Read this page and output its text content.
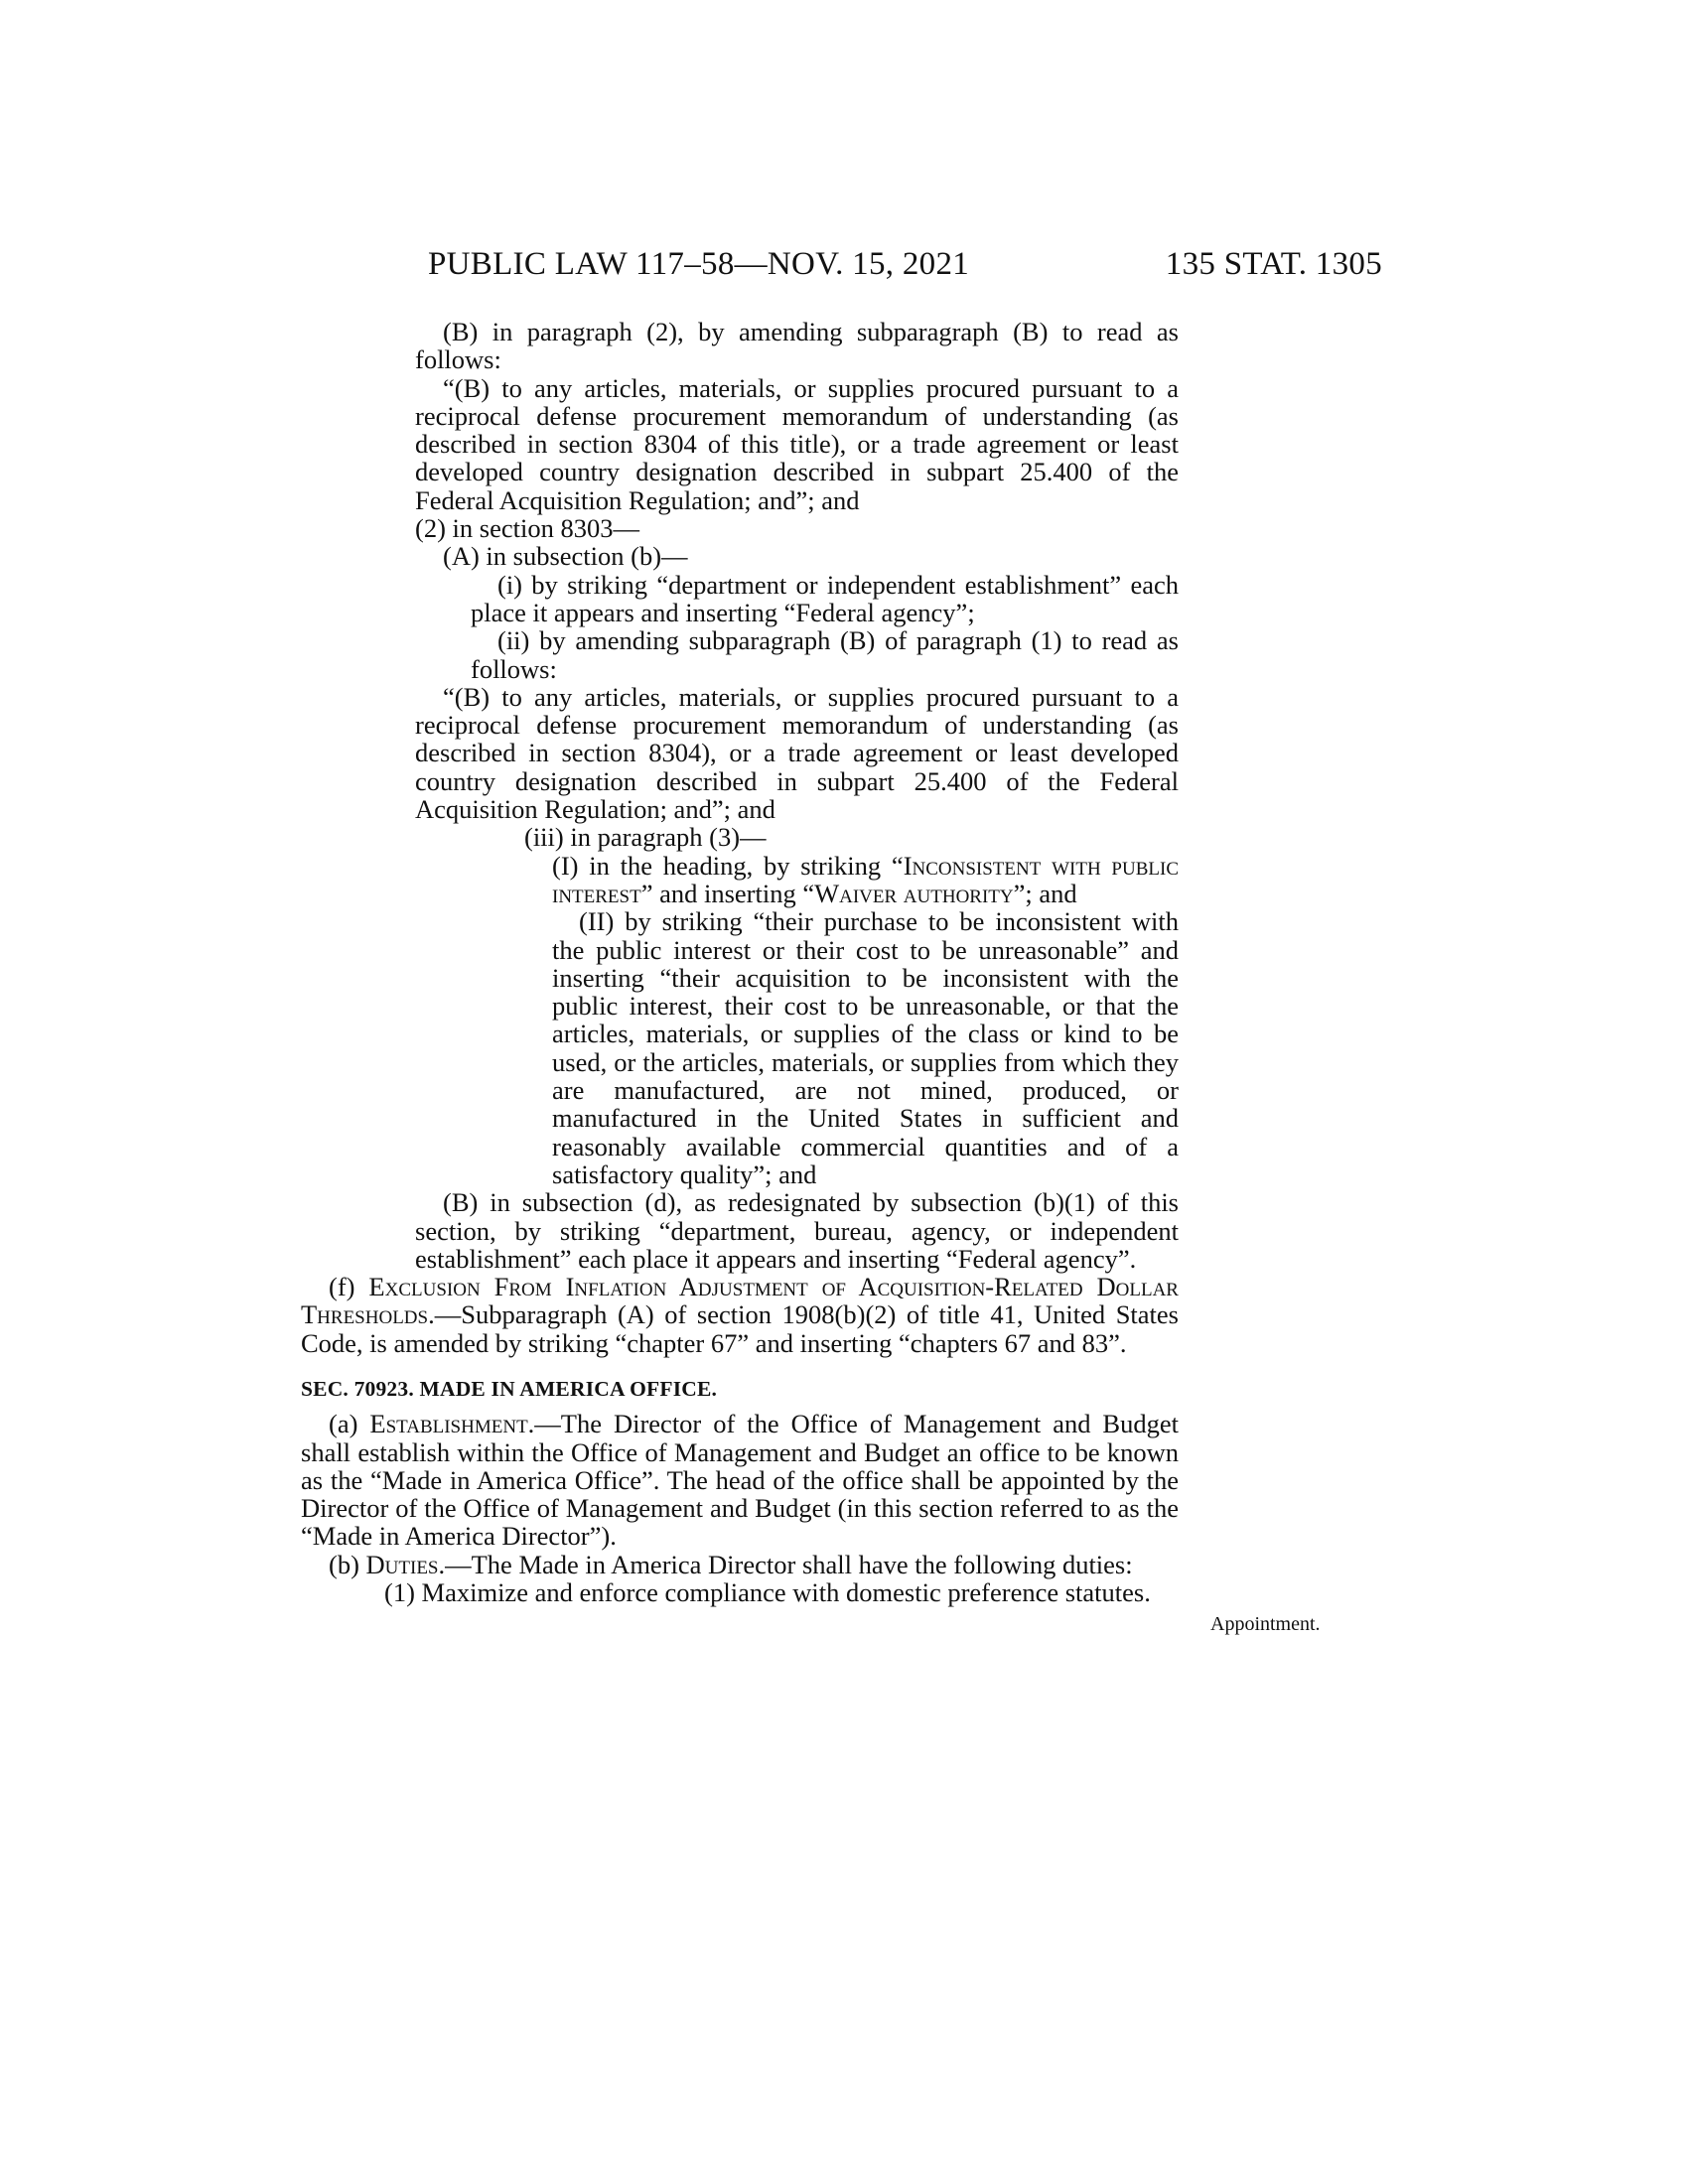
PUBLIC LAW 117–58—NOV. 15, 2021	135 STAT. 1305
Appointment.

(B) in paragraph (2), by amending subparagraph (B) to read as follows:

“(B) to any articles, materials, or supplies procured pursuant to a reciprocal defense procurement memorandum of understanding (as described in section 8304 of this title), or a trade agreement or least developed country designation described in subpart 25.400 of the Federal Acquisition Regulation; and”; and

(2) in section 8303—

(A) in subsection (b)—

(i) by striking “department or independent establishment” each place it appears and inserting “Federal agency”;

(ii) by amending subparagraph (B) of paragraph (1) to read as follows:

“(B) to any articles, materials, or supplies procured pursuant to a reciprocal defense procurement memorandum of understanding (as described in section 8304), or a trade agreement or least developed country designation described in subpart 25.400 of the Federal Acquisition Regulation; and”; and

(iii) in paragraph (3)—

(I) in the heading, by striking “Inconsistent with public interest” and inserting “Waiver authority”; and

(II) by striking “their purchase to be inconsistent with the public interest or their cost to be unreasonable” and inserting “their acquisition to be inconsistent with the public interest, their cost to be unreasonable, or that the articles, materials, or supplies of the class or kind to be used, or the articles, materials, or supplies from which they are manufactured, are not mined, produced, or manufactured in the United States in sufficient and reasonably available commercial quantities and of a satisfactory quality”; and

(B) in subsection (d), as redesignated by subsection (b)(1) of this section, by striking “department, bureau, agency, or independent establishment” each place it appears and inserting “Federal agency”.

(f) Exclusion From Inflation Adjustment of Acquisition-Related Dollar Thresholds.—Subparagraph (A) of section 1908(b)(2) of title 41, United States Code, is amended by striking “chapter 67” and inserting “chapters 67 and 83”.

SEC. 70923. MADE IN AMERICA OFFICE.

(a) Establishment.—The Director of the Office of Management and Budget shall establish within the Office of Management and Budget an office to be known as the “Made in America Office”. The head of the office shall be appointed by the Director of the Office of Management and Budget (in this section referred to as the “Made in America Director”).

(b) Duties.—The Made in America Director shall have the following duties:

(1) Maximize and enforce compliance with domestic preference statutes.
